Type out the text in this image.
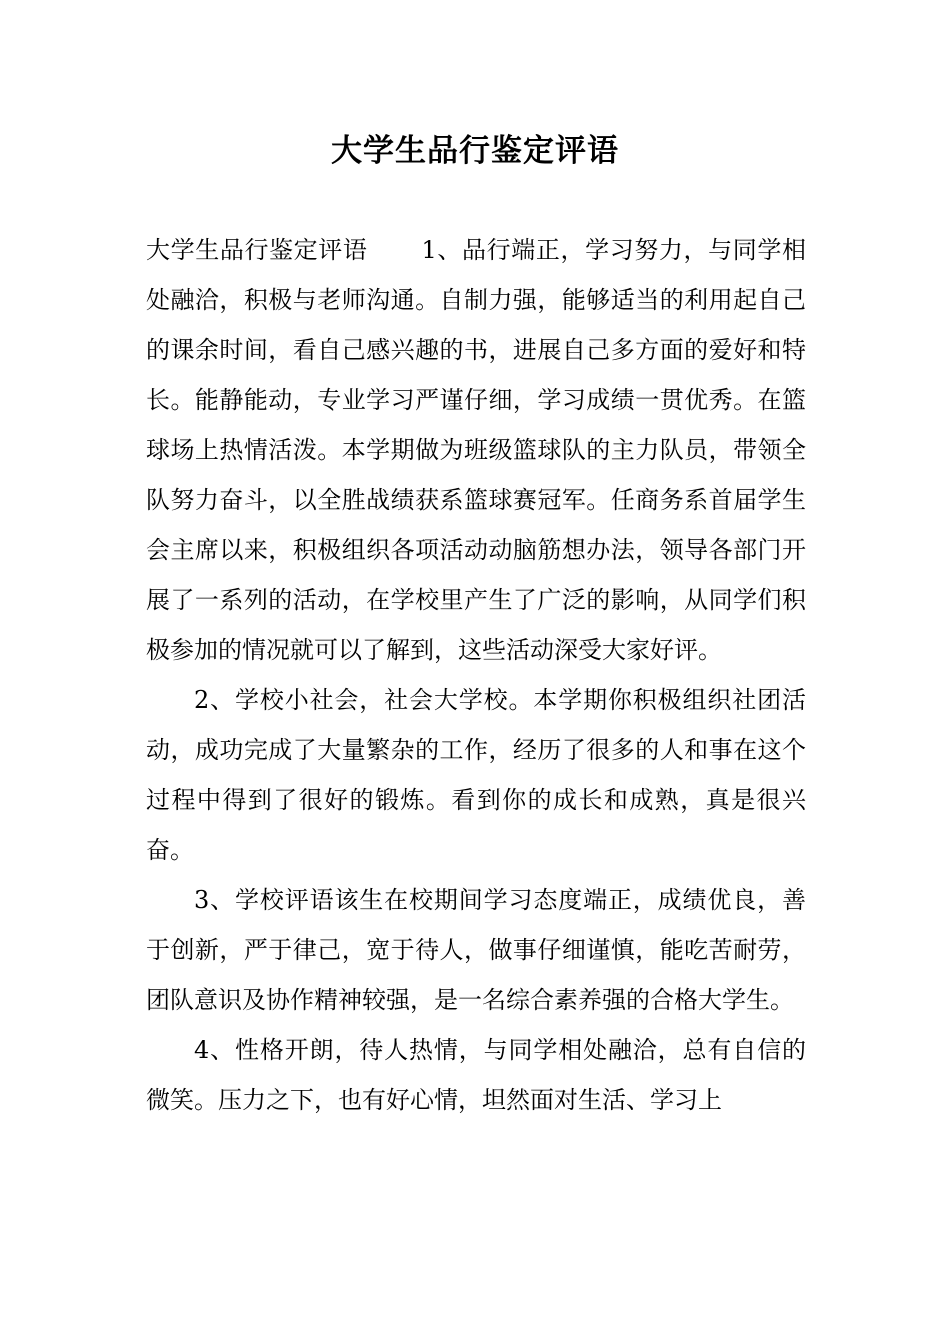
大学生品行鉴定评语

大学生品行鉴定评语 1、品行端正，学习努力，与同学相处融洽，积极与老师沟通。自制力强，能够适当的利用起自己的课余时间，看自己感兴趣的书，进展自己多方面的爱好和特长。能静能动，专业学习严谨仔细，学习成绩一贯优秀。在篮球场上热情活泼。本学期做为班级篮球队的主力队员，带领全队努力奋斗，以全胜战绩获系篮球赛冠军。任商务系首届学生会主席以来，积极组织各项活动动脑筋想办法，领导各部门开展了一系列的活动，在学校里产生了广泛的影响，从同学们积极参加的情况就可以了解到，这些活动深受大家好评。

2、学校小社会，社会大学校。本学期你积极组织社团活动，成功完成了大量繁杂的工作，经历了很多的人和事在这个过程中得到了很好的锻炼。看到你的成长和成熟，真是很兴奋。

3、学校评语该生在校期间学习态度端正，成绩优良，善于创新，严于律己，宽于待人，做事仔细谨慎，能吃苦耐劳，团队意识及协作精神较强，是一名综合素养强的合格大学生。

4、性格开朗，待人热情，与同学相处融洽，总有自信的微笑。压力之下，也有好心情，坦然面对生活、学习上
